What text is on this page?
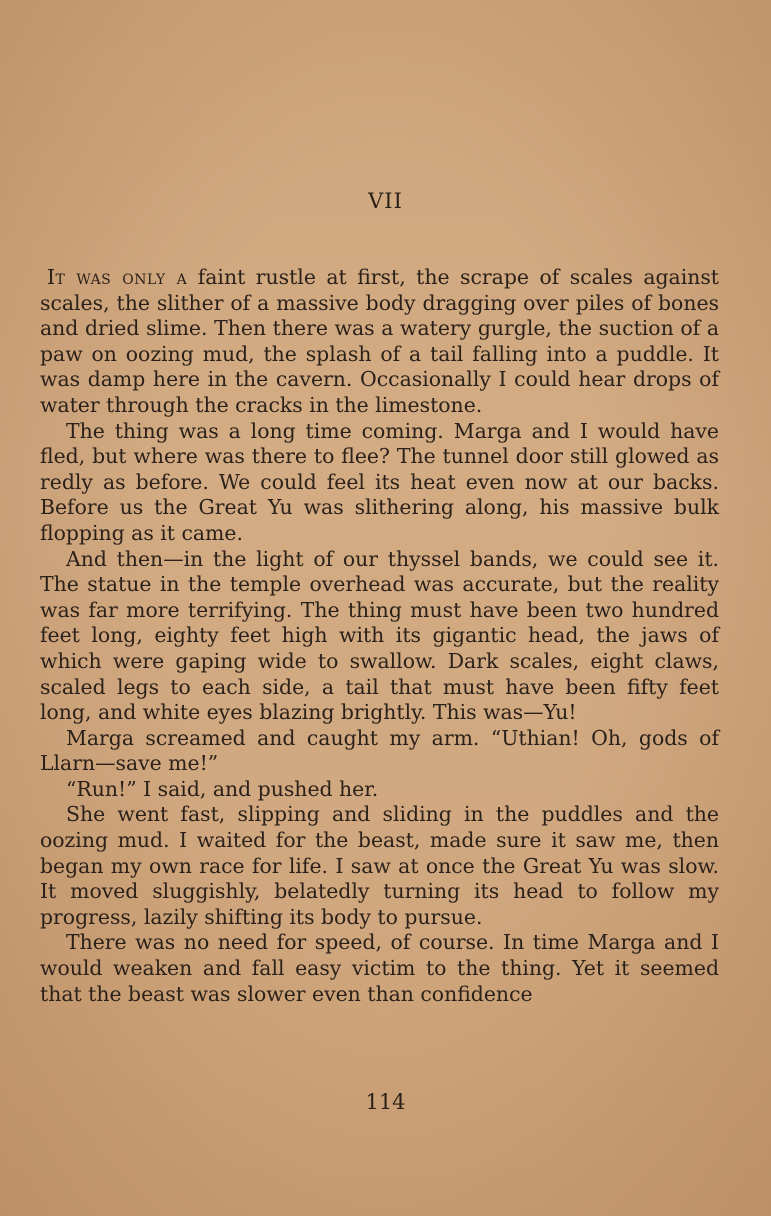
VII

It was only a faint rustle at first, the scrape of scales against scales, the slither of a massive body dragging over piles of bones and dried slime. Then there was a watery gurgle, the suction of a paw on oozing mud, the splash of a tail falling into a puddle. It was damp here in the cavern. Occasionally I could hear drops of water through the cracks in the limestone.

The thing was a long time coming. Marga and I would have fled, but where was there to flee? The tunnel door still glowed as redly as before. We could feel its heat even now at our backs. Before us the Great Yu was slithering along, his massive bulk flopping as it came.

And then—in the light of our thyssel bands, we could see it. The statue in the temple overhead was accurate, but the reality was far more terrifying. The thing must have been two hundred feet long, eighty feet high with its gigantic head, the jaws of which were gaping wide to swallow. Dark scales, eight claws, scaled legs to each side, a tail that must have been fifty feet long, and white eyes blazing brightly. This was—Yu!

Marga screamed and caught my arm. “Uthian! Oh, gods of Llarn—save me!”

“Run!” I said, and pushed her.

She went fast, slipping and sliding in the puddles and the oozing mud. I waited for the beast, made sure it saw me, then began my own race for life. I saw at once the Great Yu was slow. It moved sluggishly, belatedly turning its head to follow my progress, lazily shifting its body to pursue.

There was no need for speed, of course. In time Marga and I would weaken and fall easy victim to the thing. Yet it seemed that the beast was slower even than confidence

114
